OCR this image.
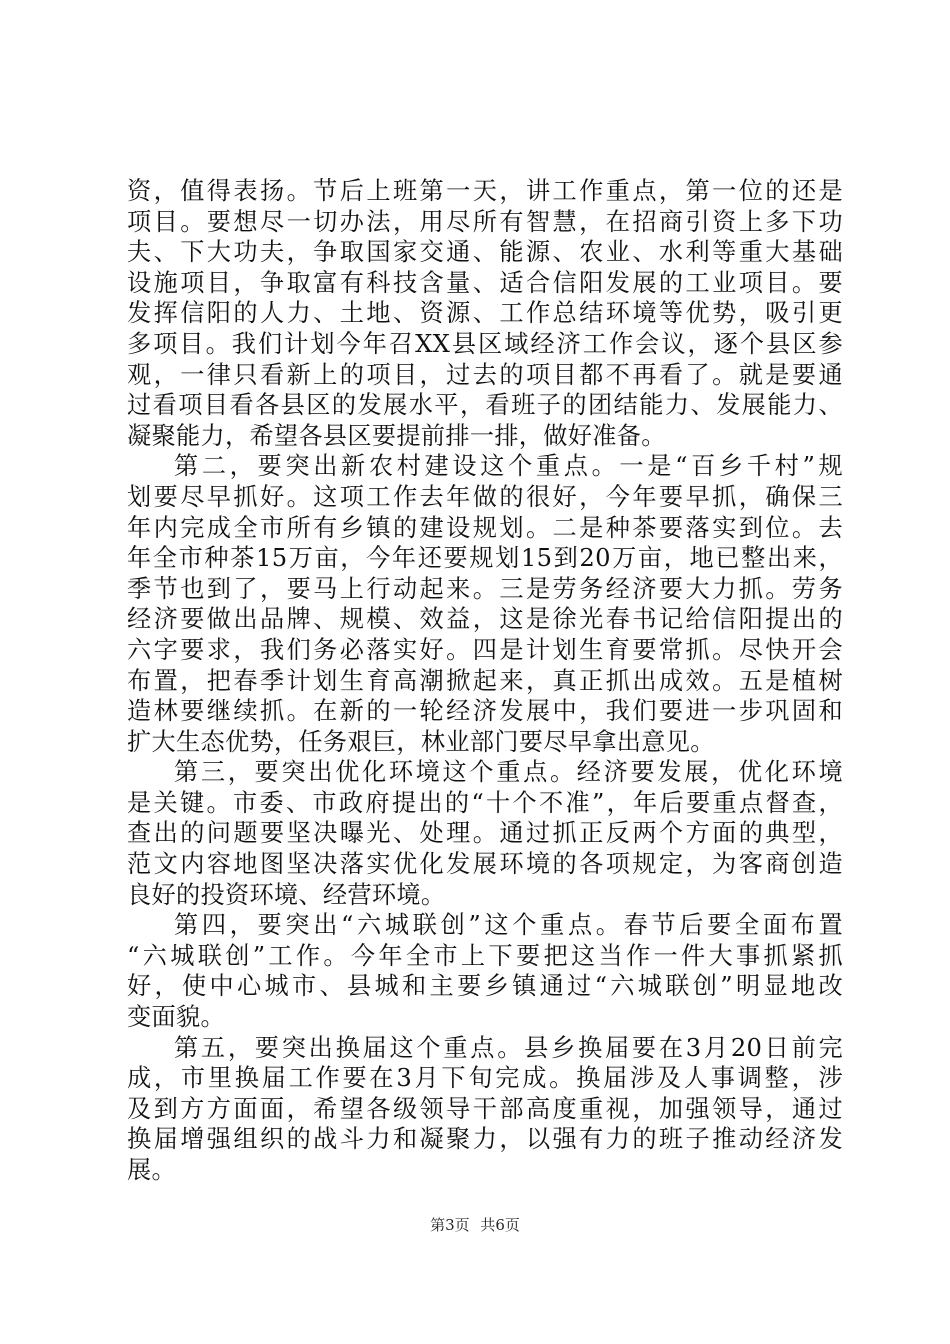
资，值得表扬。节后上班第一天，讲工作重点，第一位的还是
项目。要想尽一切办法，用尽所有智慧，在招商引资上多下功
夫、下大功夫，争取国家交通、能源、农业、水利等重大基础
设施项目，争取富有科技含量、适合信阳发展的工业项目。要
发挥信阳的人力、土地、资源、工作总结环境等优势，吸引更
多项目。我们计划今年召XX县区域经济工作会议，逐个县区参
观，一律只看新上的项目，过去的项目都不再看了。就是要通
过看项目看各县区的发展水平，看班子的团结能力、发展能力、
凝聚能力，希望各县区要提前排一排，做好准备。
第二，要突出新农村建设这个重点。一是“百乡千村”规
划要尽早抓好。这项工作去年做的很好，今年要早抓，确保三
年内完成全市所有乡镇的建设规划。二是种茶要落实到位。去
年全市种茶15万亩，今年还要规划15到20万亩，地已整出来，
季节也到了，要马上行动起来。三是劳务经济要大力抓。劳务
经济要做出品牌、规模、效益，这是徐光春书记给信阳提出的
六字要求，我们务必落实好。四是计划生育要常抓。尽快开会
布置，把春季计划生育高潮掀起来，真正抓出成效。五是植树
造林要继续抓。在新的一轮经济发展中，我们要进一步巩固和
扩大生态优势，任务艰巨，林业部门要尽早拿出意见。
第三，要突出优化环境这个重点。经济要发展，优化环境
是关键。市委、市政府提出的“十个不准”，年后要重点督查，
查出的问题要坚决曝光、处理。通过抓正反两个方面的典型，
范文内容地图坚决落实优化发展环境的各项规定，为客商创造
良好的投资环境、经营环境。
第四，要突出“六城联创”这个重点。春节后要全面布置
“六城联创”工作。今年全市上下要把这当作一件大事抓紧抓
好，使中心城市、县城和主要乡镇通过“六城联创”明显地改
变面貌。
第五，要突出换届这个重点。县乡换届要在3月20日前完
成，市里换届工作要在3月下旬完成。换届涉及人事调整，涉
及到方方面面，希望各级领导干部高度重视，加强领导，通过
换届增强组织的战斗力和凝聚力，以强有力的班子推动经济发
展。
第3页 共6页
